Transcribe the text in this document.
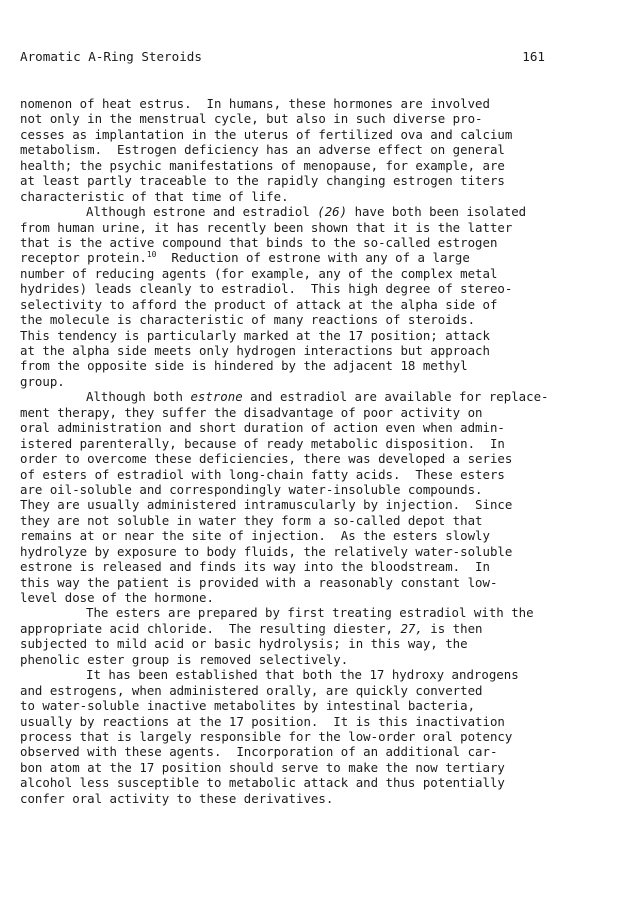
Aromatic A-Ring Steroids	161
nomenon of heat estrus.  In humans, these hormones are involved
not only in the menstrual cycle, but also in such diverse pro-
cesses as implantation in the uterus of fertilized ova and calcium
metabolism.  Estrogen deficiency has an adverse effect on general
health; the psychic manifestations of menopause, for example, are
at least partly traceable to the rapidly changing estrogen titers
characteristic of that time of life.
Although estrone and estradiol (26) have both been isolated
from human urine, it has recently been shown that it is the latter
that is the active compound that binds to the so-called estrogen
receptor protein.$^{10}$  Reduction of estrone with any of a large
number of reducing agents (for example, any of the complex metal
hydrides) leads cleanly to estradiol.  This high degree of stereo-
selectivity to afford the product of attack at the alpha side of
the molecule is characteristic of many reactions of steroids.
This tendency is particularly marked at the 17 position; attack
at the alpha side meets only hydrogen interactions but approach
from the opposite side is hindered by the adjacent 18 methyl
group.
Although both estrone and estradiol are available for replace-
ment therapy, they suffer the disadvantage of poor activity on
oral administration and short duration of action even when admin-
istered parenterally, because of ready metabolic disposition.  In
order to overcome these deficiencies, there was developed a series
of esters of estradiol with long-chain fatty acids.  These esters
are oil-soluble and correspondingly water-insoluble compounds.
They are usually administered intramuscularly by injection.  Since
they are not soluble in water they form a so-called depot that
remains at or near the site of injection.  As the esters slowly
hydrolyze by exposure to body fluids, the relatively water-soluble
estrone is released and finds its way into the bloodstream.  In
this way the patient is provided with a reasonably constant low-
level dose of the hormone.
The esters are prepared by first treating estradiol with the
appropriate acid chloride.  The resulting diester, 27, is then
subjected to mild acid or basic hydrolysis; in this way, the
phenolic ester group is removed selectively.
It has been established that both the 17 hydroxy androgens
and estrogens, when administered orally, are quickly converted
to water-soluble inactive metabolites by intestinal bacteria,
usually by reactions at the 17 position.  It is this inactivation
process that is largely responsible for the low-order oral potency
observed with these agents.  Incorporation of an additional car-
bon atom at the 17 position should serve to make the now tertiary
alcohol less susceptible to metabolic attack and thus potentially
confer oral activity to these derivatives.
